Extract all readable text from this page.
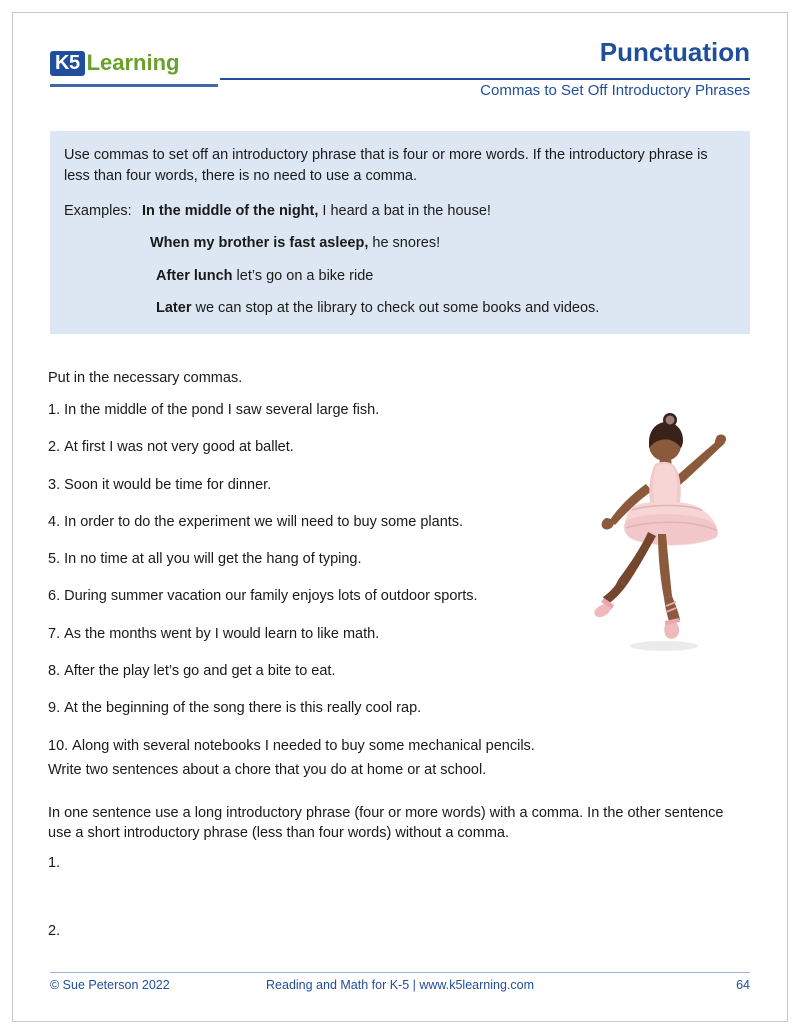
K5 Learning	Punctuation
Commas to Set Off Introductory Phrases

Use commas to set off an introductory phrase that is four or more words. If the introductory phrase is less than four words, there is no need to use a comma.

Examples: In the middle of the night, I heard a bat in the house!
When my brother is fast asleep, he snores!
After lunch let’s go on a bike ride
Later we can stop at the library to check out some books and videos.
Put in the necessary commas.
1. In the middle of the pond I saw several large fish.
2. At first I was not very good at ballet.
3. Soon it would be time for dinner.
4. In order to do the experiment we will need to buy some plants.
5. In no time at all you will get the hang of typing.
6. During summer vacation our family enjoys lots of outdoor sports.
7. As the months went by I would learn to like math.
8. After the play let’s go and get a bite to eat.
9. At the beginning of the song there is this really cool rap.
10. Along with several notebooks I needed to buy some mechanical pencils.
Write two sentences about a chore that you do at home or at school.
In one sentence use a long introductory phrase (four or more words) with a comma. In the other sentence use a short introductory phrase (less than four words) without a comma.
1.
2.
© Sue Peterson 2022	Reading and Math for K-5 | www.k5learning.com	64
